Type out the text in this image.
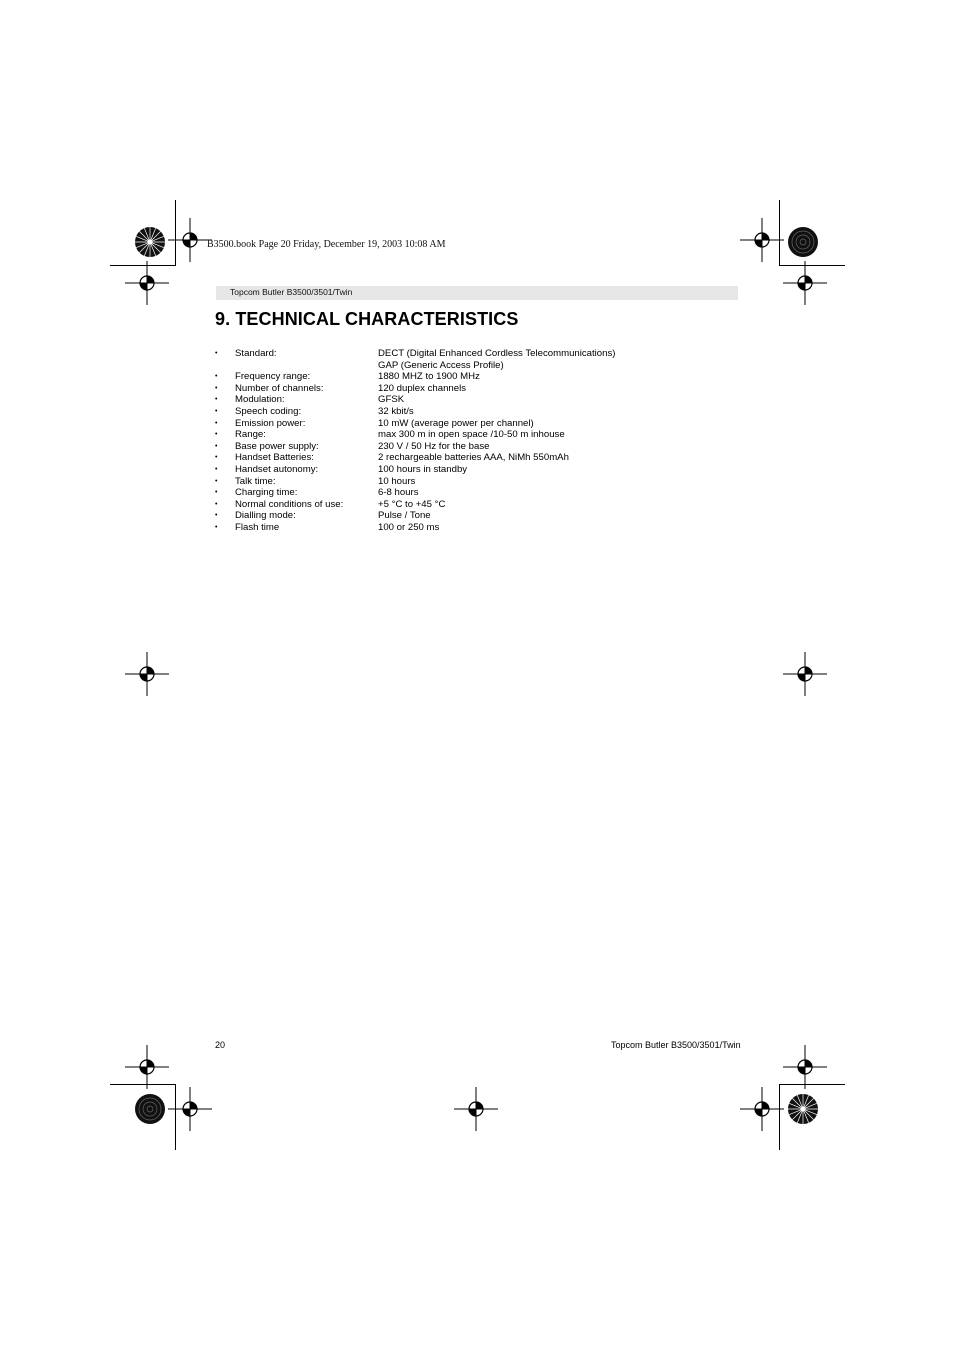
B3500.book Page 20 Friday, December 19, 2003 10:08 AM
Topcom Butler B3500/3501/Twin
9. TECHNICAL CHARACTERISTICS
•	Standard:	DECT (Digital Enhanced Cordless Telecommunications)
GAP (Generic Access Profile)
•	Frequency range:	1880 MHZ to 1900 MHz
•	Number of channels:	120 duplex channels
•	Modulation:	GFSK
•	Speech coding:	32 kbit/s
•	Emission power:	10 mW (average power per channel)
•	Range:	max 300 m in open space /10-50 m inhouse
•	Base power supply:	230 V / 50 Hz for the base
•	Handset Batteries:	2 rechargeable batteries AAA, NiMh 550mAh
•	Handset autonomy:	100 hours in standby
•	Talk time:	10 hours
•	Charging time:	6-8 hours
•	Normal conditions of use:	+5 °C to +45 °C
•	Dialling mode:	Pulse / Tone
•	Flash time	100 or 250 ms
20	Topcom Butler B3500/3501/Twin
